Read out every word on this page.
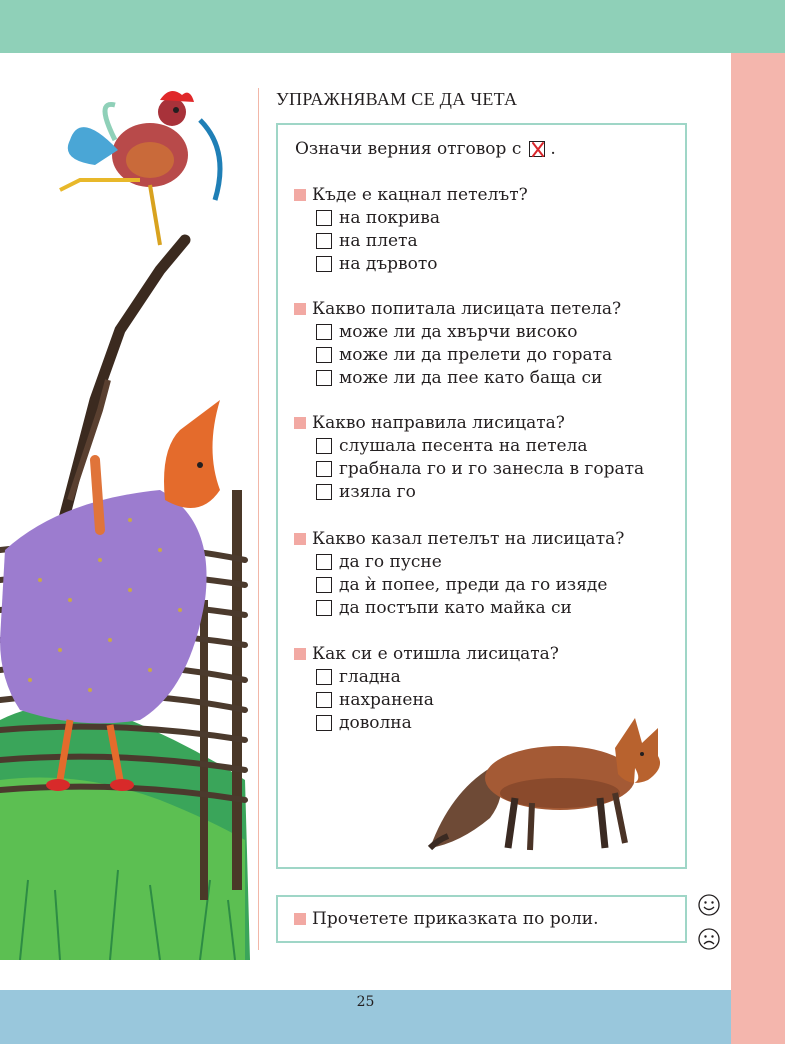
25
УПРАЖНЯВАМ СЕ ДА ЧЕТА
Означи верния отговор с .
Къде е кацнал петелът?
на покрива
на плета
на дървото
Какво попитала лисицата петела?
може ли да хвърчи високо
може ли да прелети до гората
може ли да пее като баща си
Какво направила лисицата?
слушала песента на петела
грабнала го и го занесла в гората
изяла го
Какво казал петелът на лисицата?
да го пусне
да ѝ попее, преди да го изяде
да постъпи като майка си
Как си е отишла лисицата?
гладна
нахранена
доволна
Прочетете приказката по роли.
